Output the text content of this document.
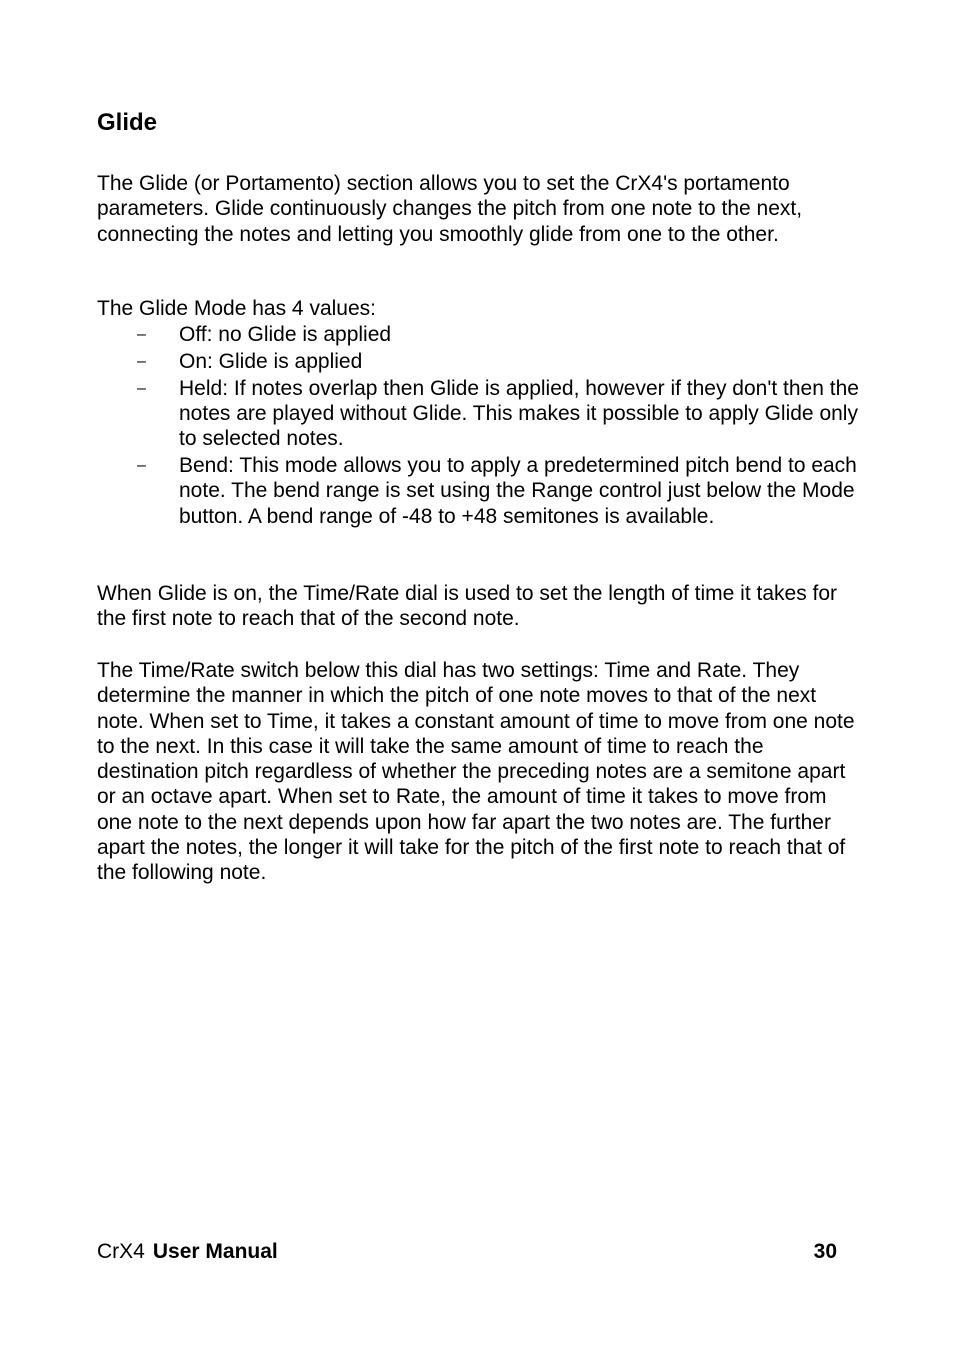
Glide

The Glide (or Portamento) section allows you to set the CrX4's portamento parameters. Glide continuously changes the pitch from one note to the next, connecting the notes and letting you smoothly glide from one to the other.

The Glide Mode has 4 values:

– Off: no Glide is applied
– On: Glide is applied
– Held: If notes overlap then Glide is applied, however if they don't then the notes are played without Glide. This makes it possible to apply Glide only to selected notes.
– Bend: This mode allows you to apply a predetermined pitch bend to each note. The bend range is set using the Range control just below the Mode button. A bend range of -48 to +48 semitones is available.

When Glide is on, the Time/Rate dial is used to set the length of time it takes for the first note to reach that of the second note.

The Time/Rate switch below this dial has two settings: Time and Rate. They determine the manner in which the pitch of one note moves to that of the next note. When set to Time, it takes a constant amount of time to move from one note to the next. In this case it will take the same amount of time to reach the destination pitch regardless of whether the preceding notes are a semitone apart or an octave apart. When set to Rate, the amount of time it takes to move from one note to the next depends upon how far apart the two notes are. The further apart the notes, the longer it will take for the pitch of the first note to reach that of the following note.

CrX4 User Manual	30
